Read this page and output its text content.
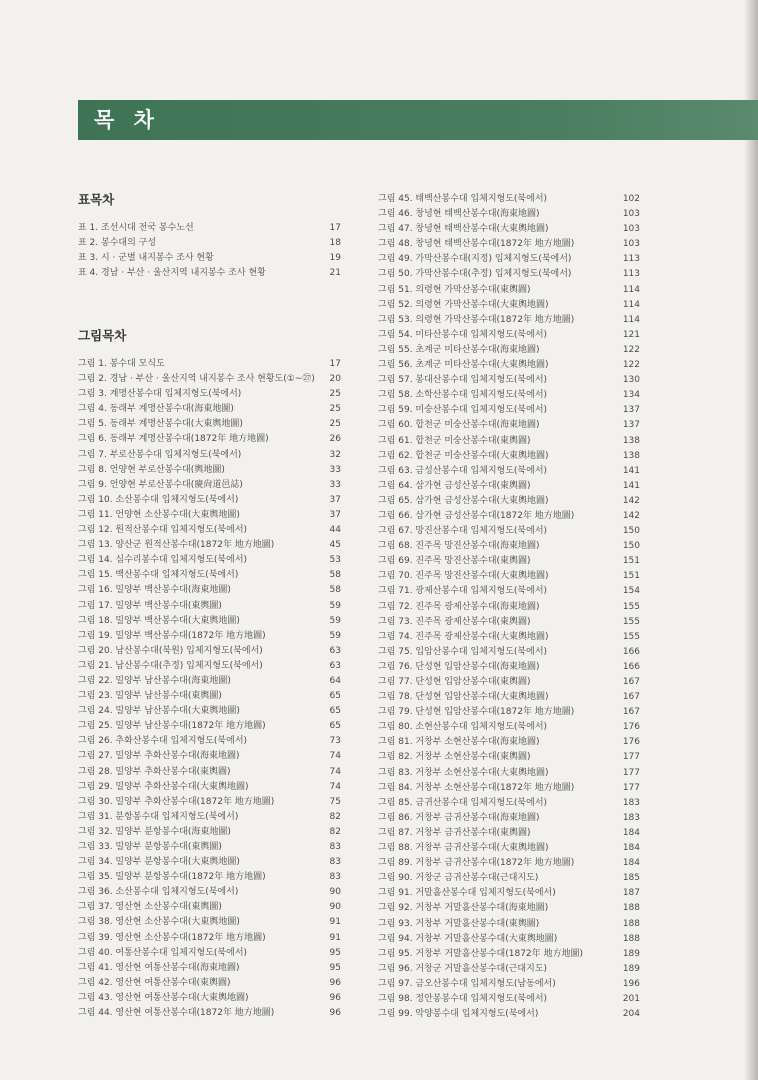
목 차
표목차
표 1. 조선시대 전국 봉수노선	17
표 2. 봉수대의 구성	18
표 3. 시 · 군별 내지봉수 조사 현황	19
표 4. 경남 · 부산 · 울산지역 내지봉수 조사 현황	21
그림목차
그림 1. 봉수대 모식도	17
그림 2. 경남 · 부산 · 울산지역 내지봉수 조사 현황도(①∼㉗) 20
그림 3. 계명산봉수대 입체지형도(북에서)	25
그림 4. 동래부 계명산봉수대(海東地圖)	25
그림 5. 동래부 계명산봉수대(大東輿地圖)	25
그림 6. 동래부 계명산봉수대(1872年 地方地圖)	26
그림 7. 부로산봉수대 입체지형도(북에서)	32
그림 8. 언양현 부로산봉수대(輿地圖)	33
그림 9. 언양현 부로산봉수대(慶尙道邑誌)	33
그림 10. 소산봉수대 입체지형도(북에서)	37
그림 11. 언양현 소산봉수대(大東輿地圖)	37
그림 12. 원적산봉수대 입체지형도(북에서)	44
그림 13. 양산군 원적산봉수대(1872年 地方地圖)	45
그림 14. 심수리봉수대 입체지형도(북에서)	53
그림 15. 백산봉수대 입체지형도(북에서)	58
그림 16. 밀양부 백산봉수대(海東地圖)	58
그림 17. 밀양부 백산봉수대(東輿圖)	59
그림 18. 밀양부 백산봉수대(大東輿地圖)	59
그림 19. 밀양부 백산봉수대(1872年 地方地圖)	59
그림 20. 남산봉수대(북원) 입체지형도(북에서)	63
그림 21. 남산봉수대(추정) 입체지형도(북에서)	63
그림 22. 밀양부 남산봉수대(海東地圖)	64
그림 23. 밀양부 남산봉수대(東輿圖)	65
그림 24. 밀양부 남산봉수대(大東輿地圖)	65
그림 25. 밀양부 남산봉수대(1872年 地方地圖)	65
그림 26. 추화산봉수대 입체지형도(북에서)	73
그림 27. 밀양부 추화산봉수대(海東地圖)	74
그림 28. 밀양부 추화산봉수대(東輿圖)	74
그림 29. 밀양부 추화산봉수대(大東輿地圖)	74
그림 30. 밀양부 추화산봉수대(1872年 地方地圖)	75
그림 31. 분항봉수대 입체지형도(북에서)	82
그림 32. 밀양부 분항봉수대(海東地圖)	82
그림 33. 밀양부 분항봉수대(東輿圖)	83
그림 34. 밀양부 분항봉수대(大東輿地圖)	83
그림 35. 밀양부 분항봉수대(1872年 地方地圖)	83
그림 36. 소산봉수대 입체지형도(북에서)	90
그림 37. 영산현 소산봉수대(東輿圖)	90
그림 38. 영산현 소산봉수대(大東輿地圖)	91
그림 39. 영산현 소산봉수대(1872年 地方地圖)	91
그림 40. 여통산봉수대 입체지형도(북에서)	95
그림 41. 영산현 여통산봉수대(海東地圖)	95
그림 42. 영산현 여통산봉수대(東輿圖)	96
그림 43. 영산현 여통산봉수대(大東輿地圖)	96
그림 44. 영산현 여통산봉수대(1872年 地方地圖)	96
그림 45. 태백산봉수대 입체지형도(북에서)	102
그림 46. 창녕현 태백산봉수대(海東地圖)	103
그림 47. 창녕현 태백산봉수대(大東輿地圖)	103
그림 48. 창녕현 태백산봉수대(1872年 地方地圖)	103
그림 49. 가막산봉수대(지정) 입체지형도(북에서)	113
그림 50. 가막산봉수대(추정) 입체지형도(북에서)	113
그림 51. 의령현 가막산봉수대(東輿圖)	114
그림 52. 의령현 가막산봉수대(大東輿地圖)	114
그림 53. 의령현 가막산봉수대(1872年 地方地圖)	114
그림 54. 미타산봉수대 입체지형도(북에서)	121
그림 55. 초계군 미타산봉수대(海東地圖)	122
그림 56. 초계군 미타산봉수대(大東輿地圖)	122
그림 57. 봉대산봉수대 입체지형도(북에서)	130
그림 58. 소학산봉수대 입체지형도(북에서)	134
그림 59. 미숭산봉수대 입체지형도(북에서)	137
그림 60. 합천군 미숭산봉수대(海東地圖)	137
그림 61. 합천군 미숭산봉수대(東輿圖)	138
그림 62. 합천군 미숭산봉수대(大東輿地圖)	138
그림 63. 금성산봉수대 입체지형도(북에서)	141
그림 64. 삼가현 금성산봉수대(東輿圖)	141
그림 65. 삼가현 금성산봉수대(大東輿地圖)	142
그림 66. 삼가현 금성산봉수대(1872年 地方地圖)	142
그림 67. 망진산봉수대 입체지형도(북에서)	150
그림 68. 진주목 망진산봉수대(海東地圖)	150
그림 69. 진주목 망진산봉수대(東輿圖)	151
그림 70. 진주목 망진산봉수대(大東輿地圖)	151
그림 71. 광제산봉수대 입체지형도(북에서)	154
그림 72. 진주목 광제산봉수대(海東地圖)	155
그림 73. 진주목 광제산봉수대(東輿圖)	155
그림 74. 진주목 광제산봉수대(大東輿地圖)	155
그림 75. 입암산봉수대 입체지형도(북에서)	166
그림 76. 단성현 입암산봉수대(海東地圖)	166
그림 77. 단성현 입암산봉수대(東輿圖)	167
그림 78. 단성현 입암산봉수대(大東輿地圖)	167
그림 79. 단성현 입암산봉수대(1872年 地方地圖)	167
그림 80. 소현산봉수대 입체지형도(북에서)	176
그림 81. 거창부 소현산봉수대(海東地圖)	176
그림 82. 거창부 소현산봉수대(東輿圖)	177
그림 83. 거창부 소현산봉수대(大東輿地圖)	177
그림 84. 거창부 소현산봉수대(1872年 地方地圖)	177
그림 85. 금귀산봉수대 입체지형도(북에서)	183
그림 86. 거창부 금귀산봉수대(海東地圖)	183
그림 87. 거창부 금귀산봉수대(東輿圖)	184
그림 88. 거창부 금귀산봉수대(大東輿地圖)	184
그림 89. 거창부 금귀산봉수대(1872年 地方地圖)	184
그림 90. 거창군 금귀산봉수대(근대지도)	185
그림 91. 거말흘산봉수대 입체지형도(북에서)	187
그림 92. 거창부 거말흘산봉수대(海東地圖)	188
그림 93. 거창부 거말흘산봉수대(東輿圖)	188
그림 94. 거창부 거말흘산봉수대(大東輿地圖)	188
그림 95. 거창부 거말흘산봉수대(1872年 地方地圖)	189
그림 96. 거창군 거말흘산봉수대(근대지도)	189
그림 97. 금오산봉수대 입체지형도(남동에서)	196
그림 98. 정안봉봉수대 입체지형도(북에서)	201
그림 99. 악양봉수대 입체지형도(북에서)	204
